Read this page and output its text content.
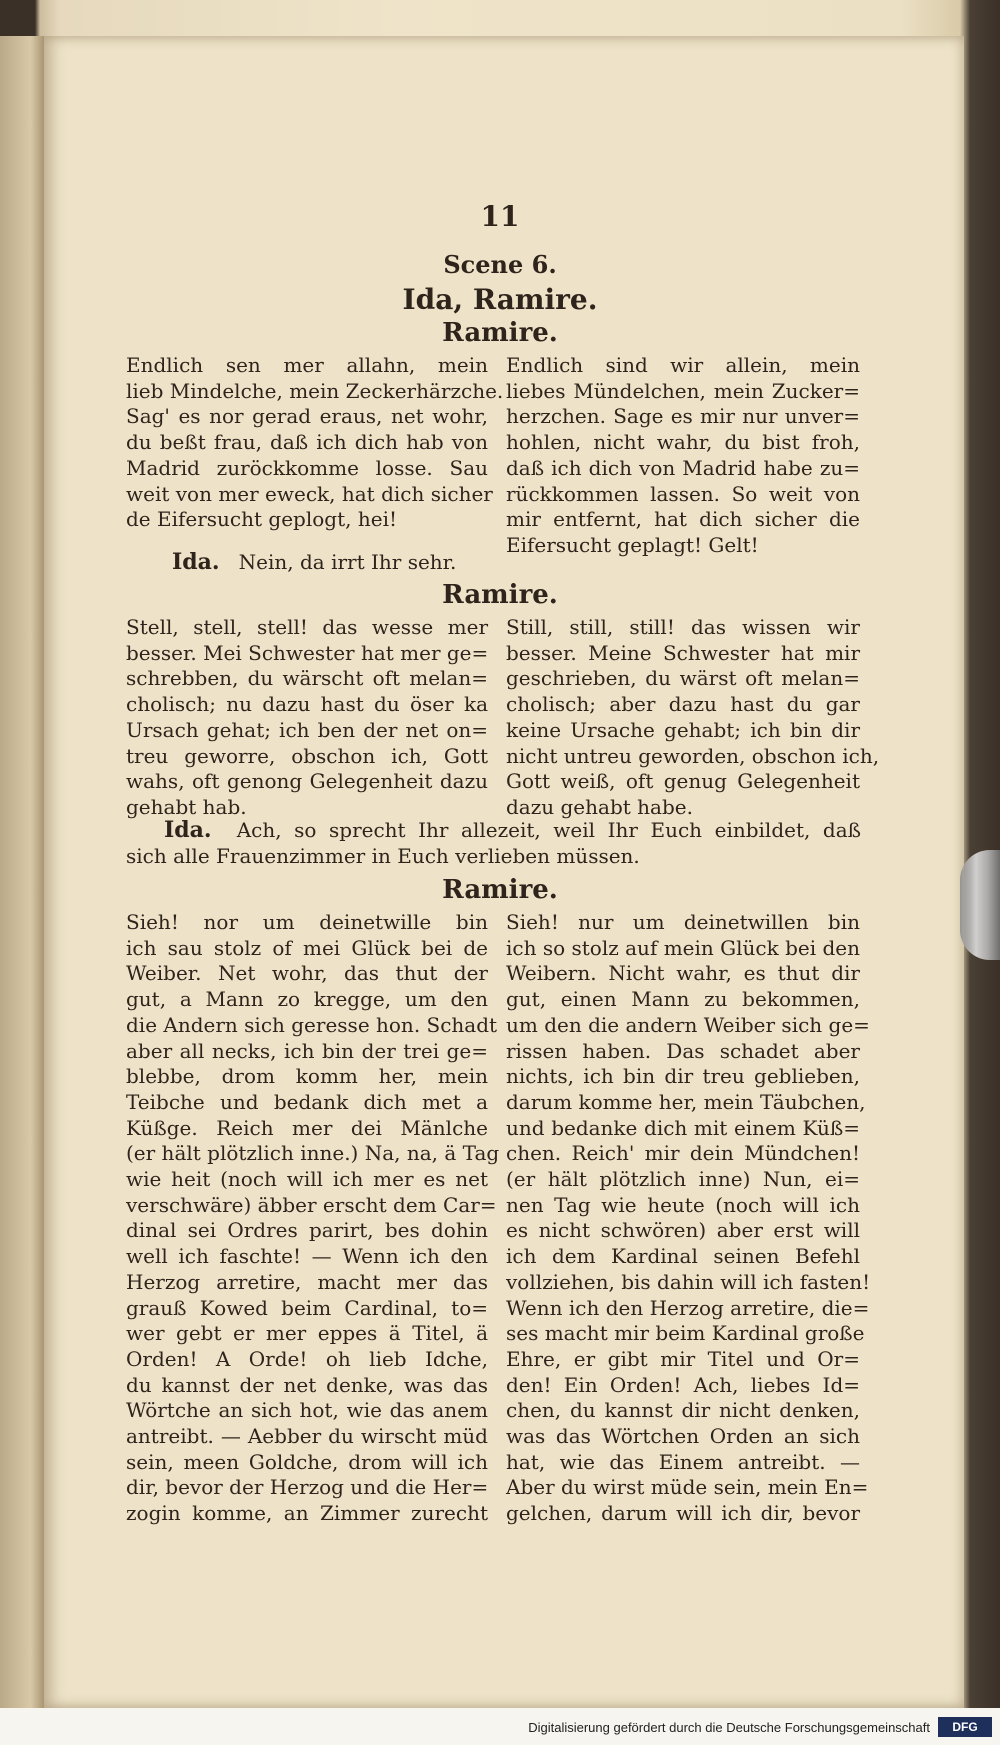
11
Scene 6.
Ida, Ramire.
Ramire.

Endlich sen mer allahn, mein

lieb Mindelche, mein Zeckerhärzche.

Sag' es nor gerad eraus, net wohr,

du beßt frau, daß ich dich hab von

Madrid zuröckkomme losse. Sau

weit von mer eweck, hat dich sicher

de Eifersucht geplogt, hei!

Endlich sind wir allein, mein

liebes Mündelchen, mein Zucker=

herzchen. Sage es mir nur unver=

hohlen, nicht wahr, du bist froh,

daß ich dich von Madrid habe zu=

rückkommen lassen. So weit von

mir entfernt, hat dich sicher die

Eifersucht geplagt! Gelt!

Ida. Nein, da irrt Ihr sehr.
Ramire.

Stell, stell, stell! das wesse mer

besser. Mei Schwester hat mer ge=

schrebben, du wärscht oft melan=

cholisch; nu dazu hast du öser ka

Ursach gehat; ich ben der net on=

treu geworre, obschon ich, Gott

wahs, oft genong Gelegenheit dazu

gehabt hab.

Still, still, still! das wissen wir

besser. Meine Schwester hat mir

geschrieben, du wärst oft melan=

cholisch; aber dazu hast du gar

keine Ursache gehabt; ich bin dir

nicht untreu geworden, obschon ich,

Gott weiß, oft genug Gelegenheit

dazu gehabt habe.

Ida. Ach, so sprecht Ihr allezeit, weil Ihr Euch einbildet, daß

sich alle Frauenzimmer in Euch verlieben müssen.

Ramire.

Sieh! nor um deinetwille bin

ich sau stolz of mei Glück bei de

Weiber. Net wohr, das thut der

gut, a Mann zo kregge, um den

die Andern sich geresse hon. Schadt

aber all necks, ich bin der trei ge=

blebbe, drom komm her, mein

Teibche und bedank dich met a

Küßge. Reich mer dei Mänlche

(er hält plötzlich inne.) Na, na, ä Tag

wie heit (noch will ich mer es net

verschwäre) äbber erscht dem Car=

dinal sei Ordres parirt, bes dohin

well ich faschte! — Wenn ich den

Herzog arretire, macht mer das

grauß Kowed beim Cardinal, to=

wer gebt er mer eppes ä Titel, ä

Orden! A Orde! oh lieb Idche,

du kannst der net denke, was das

Wörtche an sich hot, wie das anem

antreibt. — Aebber du wirscht müd

sein, meen Goldche, drom will ich

dir, bevor der Herzog und die Her=

zogin komme, an Zimmer zurecht

Sieh! nur um deinetwillen bin

ich so stolz auf mein Glück bei den

Weibern. Nicht wahr, es thut dir

gut, einen Mann zu bekommen,

um den die andern Weiber sich ge=

rissen haben. Das schadet aber

nichts, ich bin dir treu geblieben,

darum komme her, mein Täubchen,

und bedanke dich mit einem Küß=

chen. Reich' mir dein Mündchen!

(er hält plötzlich inne) Nun, ei=

nen Tag wie heute (noch will ich

es nicht schwören) aber erst will

ich dem Kardinal seinen Befehl

vollziehen, bis dahin will ich fasten!

Wenn ich den Herzog arretire, die=

ses macht mir beim Kardinal große

Ehre, er gibt mir Titel und Or=

den! Ein Orden! Ach, liebes Id=

chen, du kannst dir nicht denken,

was das Wörtchen Orden an sich

hat, wie das Einem antreibt. —

Aber du wirst müde sein, mein En=

gelchen, darum will ich dir, bevor

Digitalisierung gefördert durch die Deutsche Forschungsgemeinschaft	DFG
